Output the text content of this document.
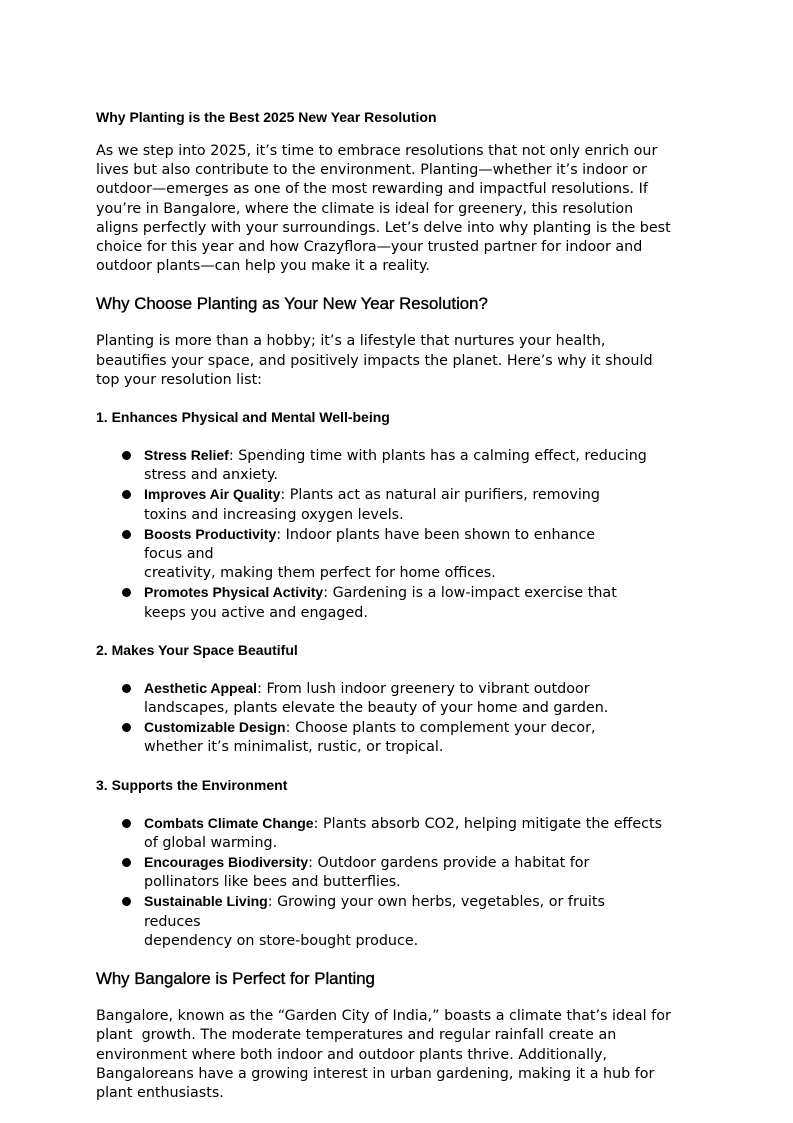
Why Planting is the Best 2025 New Year Resolution

As we step into 2025, it’s time to embrace resolutions that not only enrich our
lives but also contribute to the environment. Planting—whether it’s indoor or
outdoor—emerges as one of the most rewarding and impactful resolutions. If
you’re in Bangalore, where the climate is ideal for greenery, this resolution
aligns perfectly with your surroundings. Let’s delve into why planting is the best
choice for this year and how Crazyflora—your trusted partner for indoor and
outdoor plants—can help you make it a reality.

Why Choose Planting as Your New Year Resolution?

Planting is more than a hobby; it’s a lifestyle that nurtures your health,
beautifies your space, and positively impacts the planet. Here’s why it should
top your resolution list:

1. Enhances Physical and Mental Well-being
Stress Relief: Spending time with plants has a calming effect, reducing
stress and anxiety.
Improves Air Quality: Plants act as natural air purifiers, removing
toxins and increasing oxygen levels.
Boosts Productivity: Indoor plants have been shown to enhance
focus and
creativity, making them perfect for home offices.
Promotes Physical Activity: Gardening is a low-impact exercise that
keeps you active and engaged.
2. Makes Your Space Beautiful
Aesthetic Appeal: From lush indoor greenery to vibrant outdoor
landscapes, plants elevate the beauty of your home and garden.
Customizable Design: Choose plants to complement your decor,
whether it’s minimalist, rustic, or tropical.
3. Supports the Environment
Combats Climate Change: Plants absorb CO2, helping mitigate the effects
of global warming.
Encourages Biodiversity: Outdoor gardens provide a habitat for
pollinators like bees and butterflies.
Sustainable Living: Growing your own herbs, vegetables, or fruits
reduces
dependency on store-bought produce.
Why Bangalore is Perfect for Planting

Bangalore, known as the “Garden City of India,” boasts a climate that’s ideal for
plant  growth. The moderate temperatures and regular rainfall create an
environment where both indoor and outdoor plants thrive. Additionally,
Bangaloreans have a growing interest in urban gardening, making it a hub for
plant enthusiasts.
